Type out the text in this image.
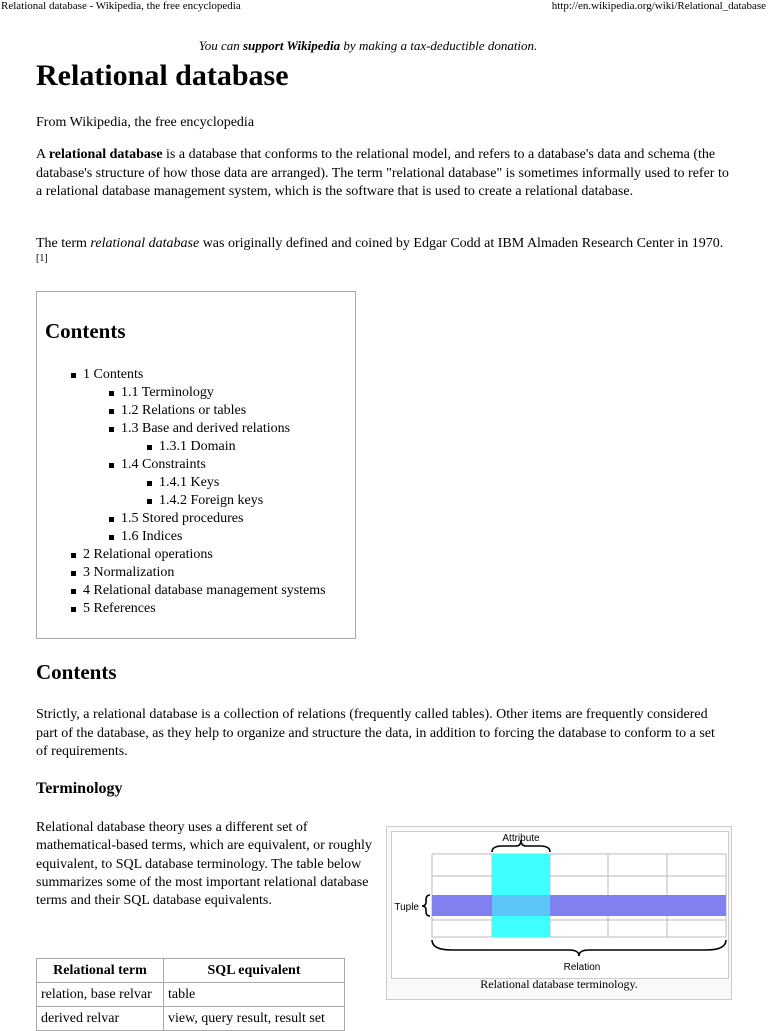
Relational database - Wikipedia, the free encyclopedia	http://en.wikipedia.org/wiki/Relational_database
You can support Wikipedia by making a tax-deductible donation.
Relational database
From Wikipedia, the free encyclopedia

A relational database is a database that conforms to the relational model, and refers to a database's data and schema (the database's structure of how those data are arranged). The term "relational database" is sometimes informally used to refer to a relational database management system, which is the software that is used to create a relational database.

The term relational database was originally defined and coined by Edgar Codd at IBM Almaden Research Center in 1970.[1]

Contents
1 Contents
1.1 Terminology
1.2 Relations or tables
1.3 Base and derived relations
1.3.1 Domain
1.4 Constraints
1.4.1 Keys
1.4.2 Foreign keys
1.5 Stored procedures
1.6 Indices
2 Relational operations
3 Normalization
4 Relational database management systems
5 References
Contents

Strictly, a relational database is a collection of relations (frequently called tables). Other items are frequently considered part of the database, as they help to organize and structure the data, in addition to forcing the database to conform to a set of requirements.

Terminology

Relational database theory uses a different set of mathematical-based terms, which are equivalent, or roughly equivalent, to SQL database terminology. The table below summarizes some of the most important relational database terms and their SQL database equivalents.

Relational term	SQL equivalent
relation, base relvar	table
derived relvar	view, query result, result set
Attribute
Tuple
Relation
Relational database terminology.
